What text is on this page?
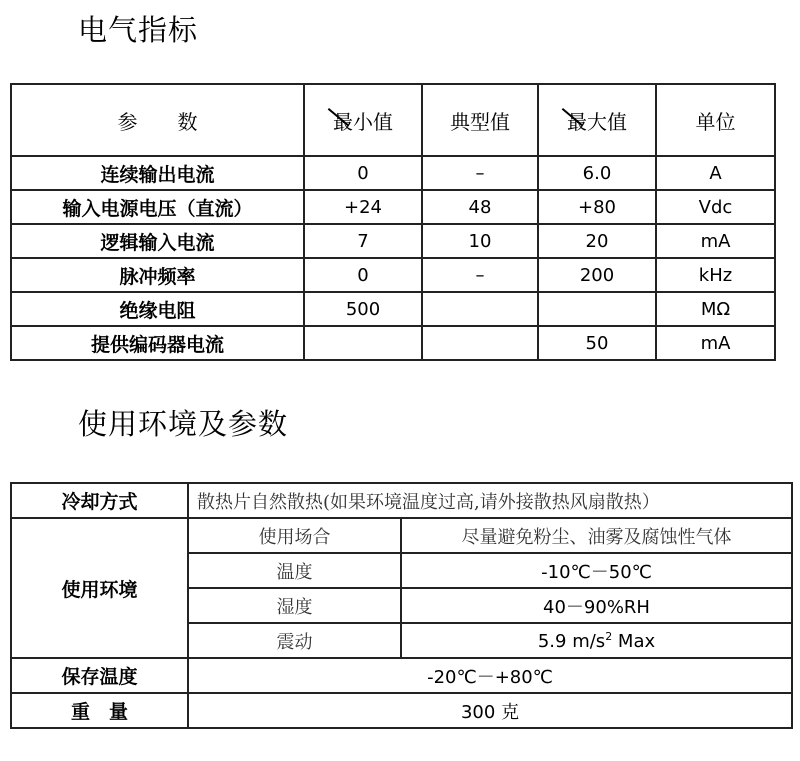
电气指标
参　　数	最小值	典型值	最大值	单位
连续输出电流	0	–	6.0	A
输入电源电压（直流）	+24	48	+80	Vdc
逻辑输入电流	7	10	20	mA
脉冲频率	0	–	200	kHz
绝缘电阻	500			MΩ
提供编码器电流			50	mA
使用环境及参数
冷却方式	散热片自然散热(如果环境温度过高,请外接散热风扇散热）	
使用环境	使用场合	尽量避免粉尘、油雾及腐蚀性气体
	温度	-10℃－50℃
	湿度	40－90%RH
	震动	5.9 $m/s^2$ Max
保存温度	-20℃－+80℃	
重　量	300 克	
